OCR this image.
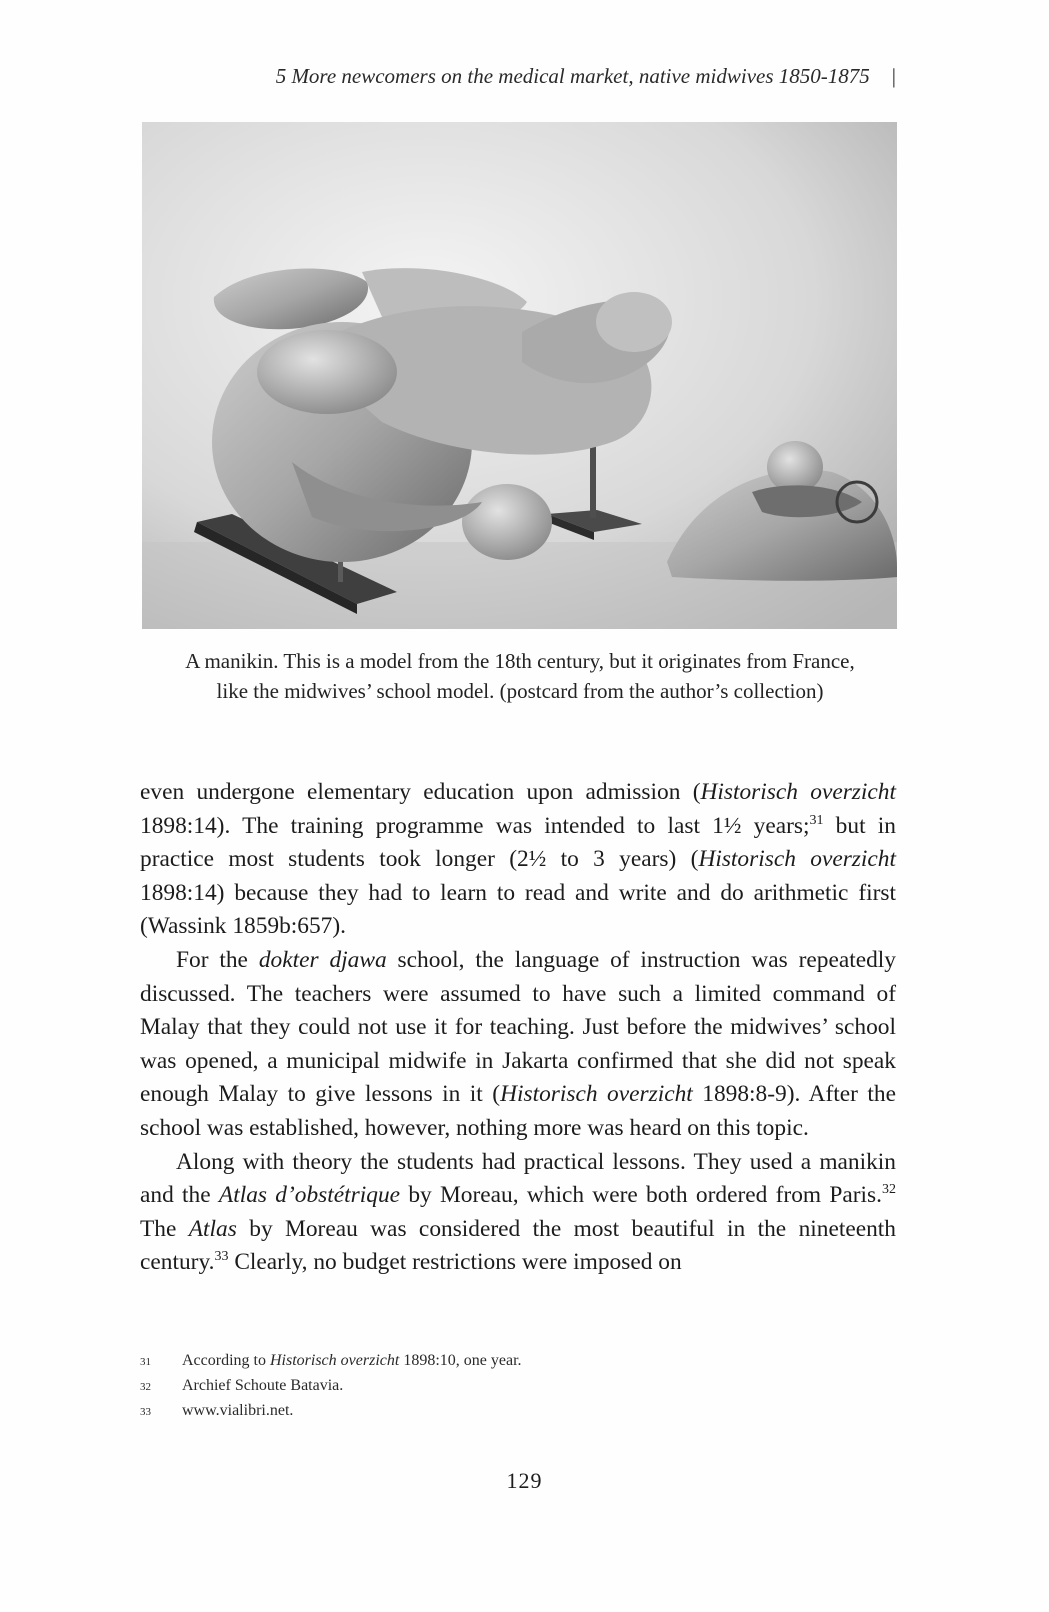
5 More newcomers on the medical market, native midwives 1850-1875 |
A manikin. This is a model from the 18th century, but it originates from France,
like the midwives’ school model. (postcard from the author’s collection)

even undergone elementary education upon admission (Historisch overzicht 1898:14). The training programme was intended to last 1½ years;$^{31}$ but in practice most students took longer (2½ to 3 years) (Historisch overzicht 1898:14) because they had to learn to read and write and do arithmetic first (Wassink 1859b:657).

For the dokter djawa school, the language of instruction was repeatedly discussed. The teachers were assumed to have such a limited command of Malay that they could not use it for teaching. Just before the midwives’ school was opened, a municipal midwife in Jakarta confirmed that she did not speak enough Malay to give lessons in it (Historisch overzicht 1898:8-9). After the school was established, however, nothing more was heard on this topic.

Along with theory the students had practical lessons. They used a manikin and the Atlas d’obstétrique by Moreau, which were both ordered from Paris.$^{32}$ The Atlas by Moreau was considered the most beautiful in the nineteenth century.$^{33}$ Clearly, no budget restrictions were imposed on

31	According to Historisch overzicht 1898:10, one year.
32	Archief Schoute Batavia.
33	www.vialibri.net.
129
